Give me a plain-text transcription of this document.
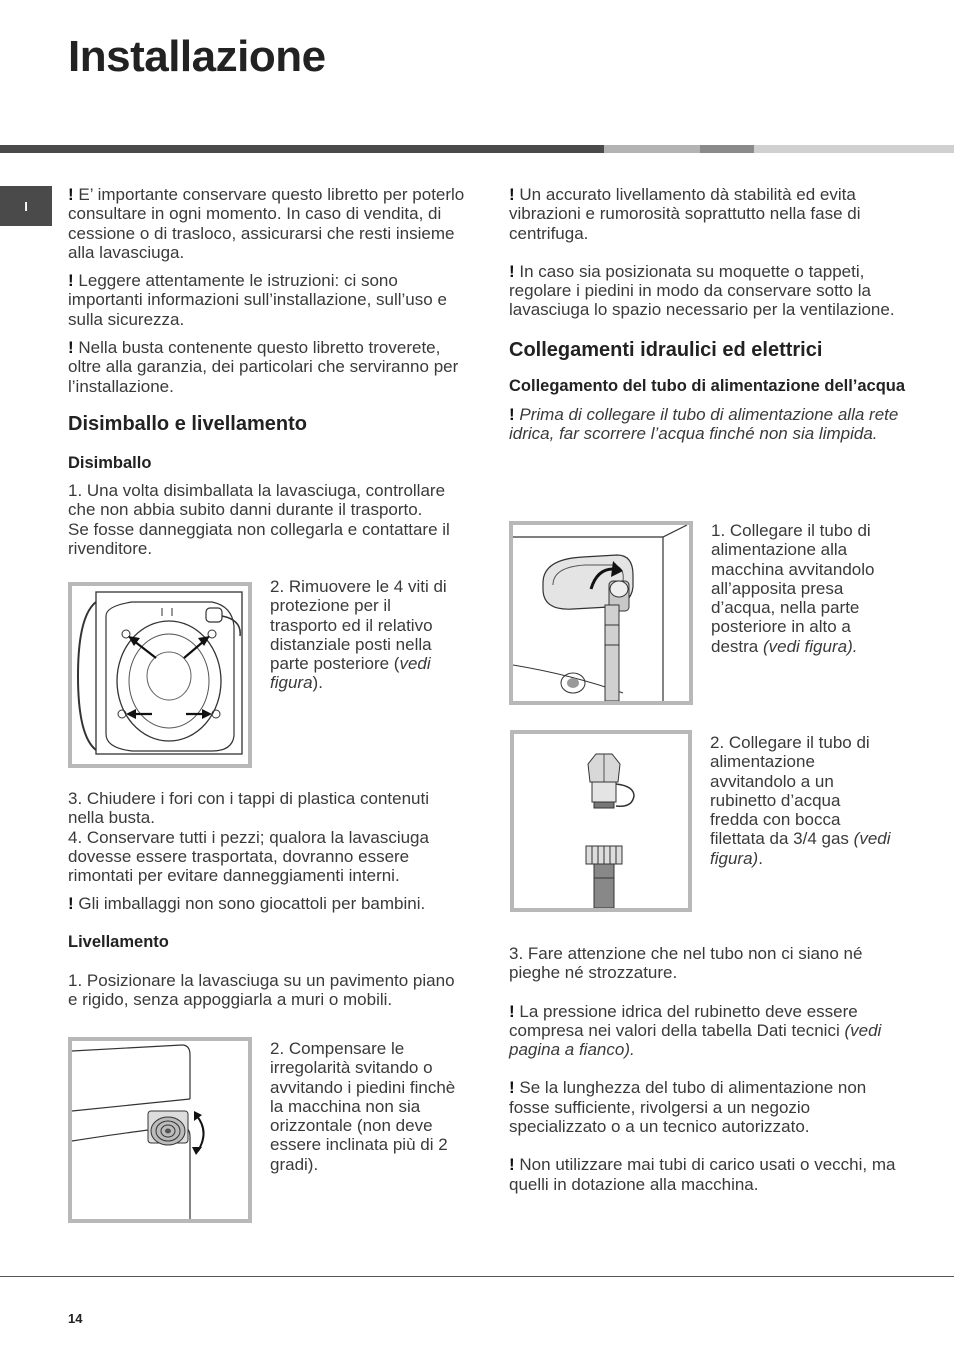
Installazione
I

! E’ importante conservare questo libretto per poterlo consultare in ogni momento. In caso di vendita, di cessione o di trasloco, assicurarsi che resti insieme alla lavasciuga.

! Leggere attentamente le istruzioni: ci sono importanti informazioni sull’installazione, sull’uso e sulla sicurezza.

! Nella busta contenente questo libretto troverete, oltre alla garanzia, dei particolari che serviranno per l’installazione.

Disimballo e livellamento
Disimballo

1. Una volta disimballata la lavasciuga, controllare che non abbia subito danni durante il trasporto.

Se fosse danneggiata non collegarla e contattare il rivenditore.

2. Rimuovere le 4 viti di protezione per il trasporto ed il relativo distanziale posti nella parte posteriore (vedi figura).

3. Chiudere i fori con i tappi di plastica contenuti nella busta.

4. Conservare tutti i pezzi; qualora la lavasciuga dovesse essere trasportata, dovranno essere rimontati per evitare danneggiamenti interni.

! Gli imballaggi non sono giocattoli per bambini.

Livellamento

1. Posizionare la lavasciuga su un pavimento piano e rigido, senza appoggiarla a muri o mobili.

2. Compensare le irregolarità svitando o avvitando i piedini finchè la macchina non sia orizzontale (non deve essere inclinata più di 2 gradi).

! Un accurato livellamento dà stabilità ed evita vibrazioni e rumorosità soprattutto nella fase di centrifuga.

! In caso sia posizionata su moquette o tappeti, regolare i piedini in modo da conservare sotto la lavasciuga lo spazio necessario per la ventilazione.

Collegamenti idraulici ed elettrici
Collegamento del tubo di alimentazione dell’acqua

! Prima di collegare il tubo di alimentazione alla rete idrica, far scorrere l’acqua finché non sia limpida.

1. Collegare il tubo di alimentazione alla macchina avvitandolo all’apposita presa d’acqua, nella parte posteriore in alto a destra (vedi figura).

2. Collegare il tubo di alimentazione avvitandolo a un rubinetto d’acqua fredda con bocca filettata da 3/4 gas (vedi figura).

3. Fare attenzione che nel tubo non ci siano né pieghe né strozzature.

! La pressione idrica del rubinetto deve essere compresa nei valori della tabella Dati tecnici (vedi pagina a fianco).

! Se la lunghezza del tubo di alimentazione non fosse sufficiente, rivolgersi a un negozio specializzato o a un tecnico autorizzato.

! Non utilizzare mai tubi di carico usati o vecchi, ma quelli in dotazione alla macchina.

14
